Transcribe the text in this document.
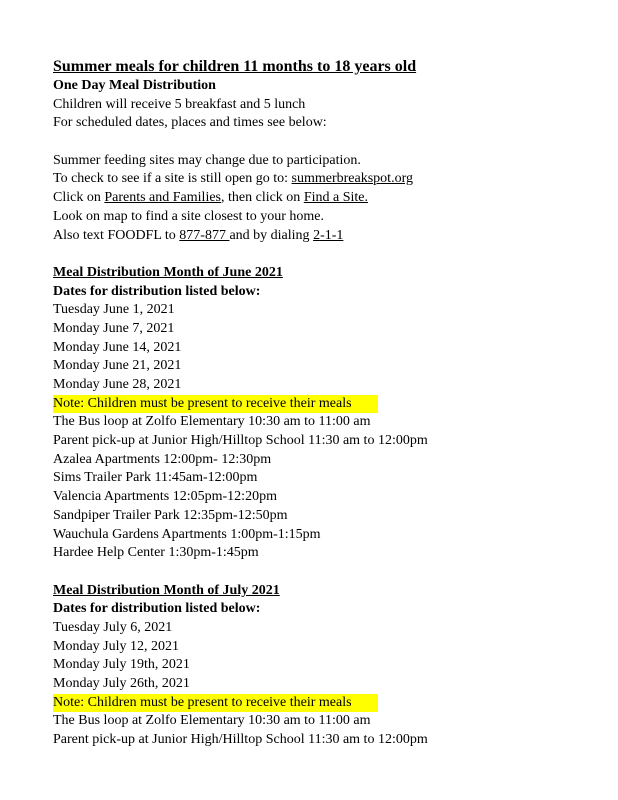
Summer meals for children 11 months to 18 years old
One Day Meal Distribution
Children will receive 5 breakfast and 5 lunch
For scheduled dates, places and times see below:
Summer feeding sites may change due to participation.
To check to see if a site is still open go to: summerbreakspot.org
Click on Parents and Families, then click on Find a Site.
Look on map to find a site closest to your home.
Also text FOODFL to 877-877 and by dialing 2-1-1
Meal Distribution Month of June 2021
Dates for distribution listed below:
Tuesday June 1, 2021
Monday June 7, 2021
Monday June 14, 2021
Monday June 21, 2021
Monday June 28, 2021
Note: Children must be present to receive their meals
The Bus loop at Zolfo Elementary 10:30 am to 11:00 am
Parent pick-up at Junior High/Hilltop School 11:30 am to 12:00pm
Azalea Apartments 12:00pm- 12:30pm
Sims Trailer Park 11:45am-12:00pm
Valencia Apartments 12:05pm-12:20pm
Sandpiper Trailer Park 12:35pm-12:50pm
Wauchula Gardens Apartments 1:00pm-1:15pm
Hardee Help Center 1:30pm-1:45pm
Meal Distribution Month of July 2021
Dates for distribution listed below:
Tuesday July 6, 2021
Monday July 12, 2021
Monday July 19th, 2021
Monday July 26th, 2021
Note: Children must be present to receive their meals
The Bus loop at Zolfo Elementary 10:30 am to 11:00 am
Parent pick-up at Junior High/Hilltop School 11:30 am to 12:00pm
